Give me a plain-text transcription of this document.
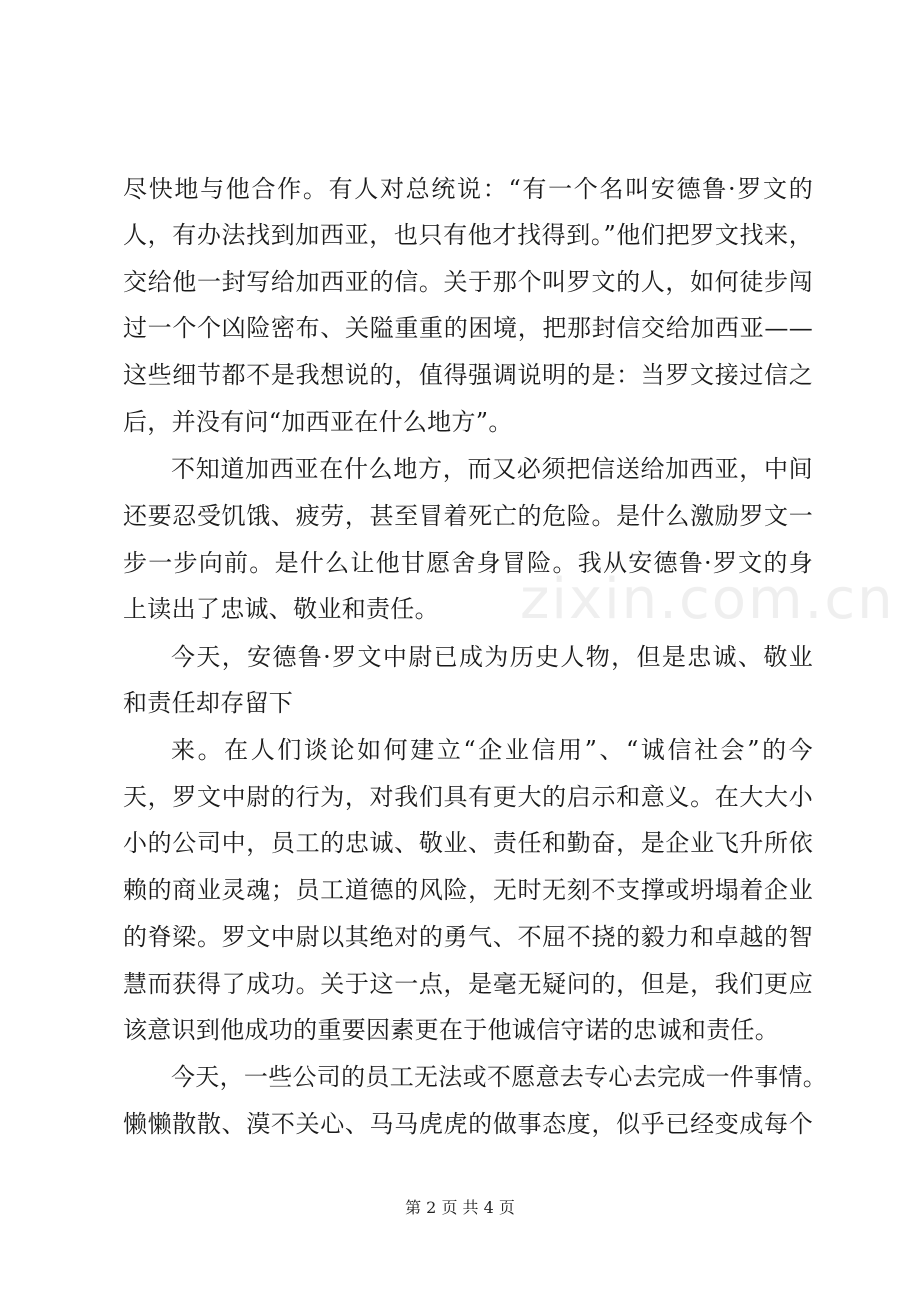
zixin.com.cn
尽快地与他合作。有人对总统说：“有一个名叫安德鲁·罗文的
人，有办法找到加西亚，也只有他才找得到。”他们把罗文找来，
交给他一封写给加西亚的信。关于那个叫罗文的人，如何徒步闯
过一个个凶险密布、关隘重重的困境，把那封信交给加西亚——
这些细节都不是我想说的，值得强调说明的是：当罗文接过信之
后，并没有问“加西亚在什么地方”。
不知道加西亚在什么地方，而又必须把信送给加西亚，中间
还要忍受饥饿、疲劳，甚至冒着死亡的危险。是什么激励罗文一
步一步向前。是什么让他甘愿舍身冒险。我从安德鲁·罗文的身
上读出了忠诚、敬业和责任。
今天，安德鲁·罗文中尉已成为历史人物，但是忠诚、敬业
和责任却存留下
来。在人们谈论如何建立“企业信用”、“诚信社会”的今
天，罗文中尉的行为，对我们具有更大的启示和意义。在大大小
小的公司中，员工的忠诚、敬业、责任和勤奋，是企业飞升所依
赖的商业灵魂；员工道德的风险，无时无刻不支撑或坍塌着企业
的脊梁。罗文中尉以其绝对的勇气、不屈不挠的毅力和卓越的智
慧而获得了成功。关于这一点，是毫无疑问的，但是，我们更应
该意识到他成功的重要因素更在于他诚信守诺的忠诚和责任。
今天，一些公司的员工无法或不愿意去专心去完成一件事情。
懒懒散散、漠不关心、马马虎虎的做事态度，似乎已经变成每个
第 2 页 共 4 页
